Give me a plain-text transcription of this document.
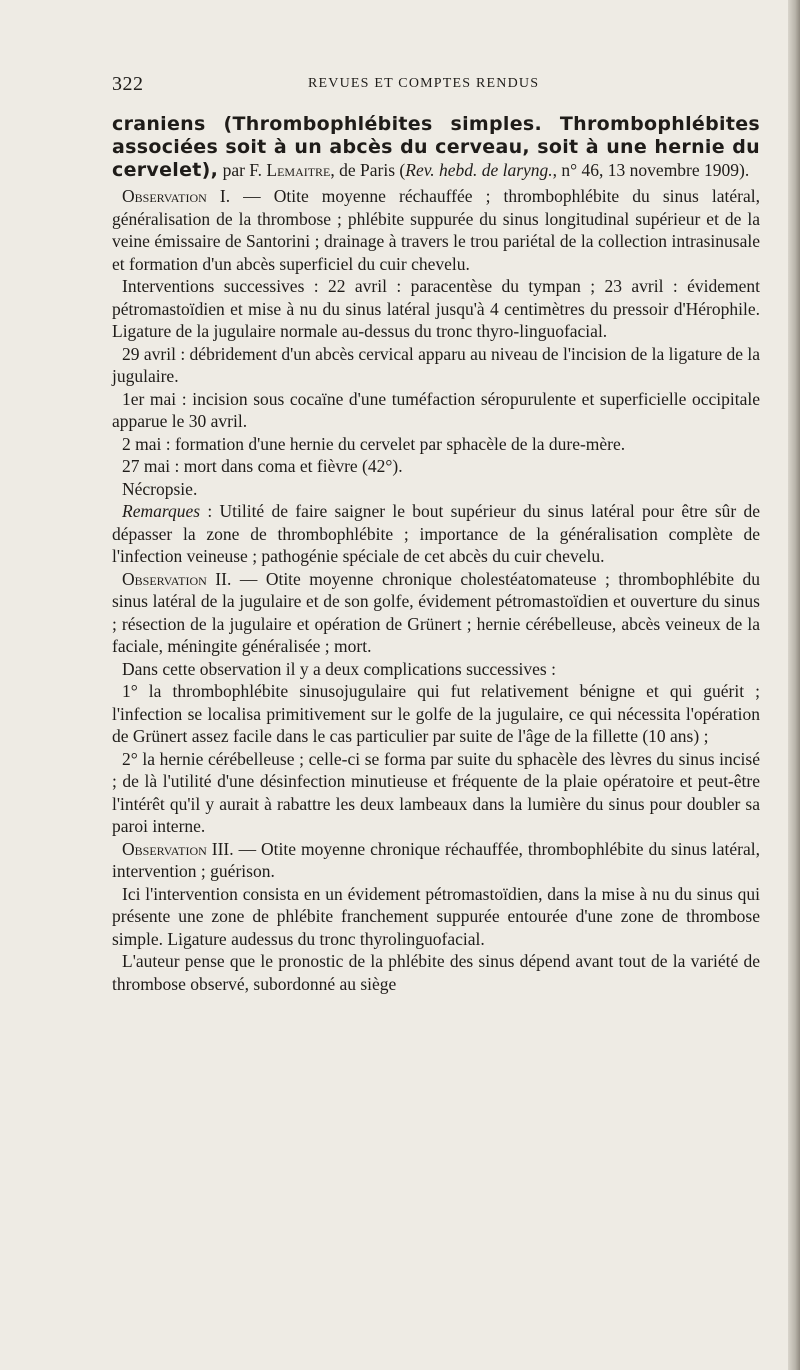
322	REVUES ET COMPTES RENDUS

craniens (Thrombophlébites simples. Thrombophlébites associées soit à un abcès du cerveau, soit à une hernie du cervelet), par F. Lemaitre, de Paris (Rev. hebd. de laryng., n° 46, 13 novembre 1909).

Observation I. — Otite moyenne réchauffée ; thrombophlébite du sinus latéral, généralisation de la thrombose ; phlébite suppurée du sinus longitudinal supérieur et de la veine émissaire de Santorini ; drainage à travers le trou pariétal de la collection intrasinusale et formation d'un abcès superficiel du cuir chevelu.

Interventions successives : 22 avril : paracentèse du tympan ; 23 avril : évidement pétromastoïdien et mise à nu du sinus latéral jusqu'à 4 centimètres du pressoir d'Hérophile. Ligature de la jugulaire normale au-dessus du tronc thyro-linguofacial.

29 avril : débridement d'un abcès cervical apparu au niveau de l'incision de la ligature de la jugulaire.

1er mai : incision sous cocaïne d'une tuméfaction séropurulente et superficielle occipitale apparue le 30 avril.

2 mai : formation d'une hernie du cervelet par sphacèle de la dure-mère.

27 mai : mort dans coma et fièvre (42°).

Nécropsie.

Remarques : Utilité de faire saigner le bout supérieur du sinus latéral pour être sûr de dépasser la zone de thrombophlébite ; importance de la généralisation complète de l'infection veineuse ; pathogénie spéciale de cet abcès du cuir chevelu.

Observation II. — Otite moyenne chronique cholestéatomateuse ; thrombophlébite du sinus latéral de la jugulaire et de son golfe, évidement pétromastoïdien et ouverture du sinus ; résection de la jugulaire et opération de Grünert ; hernie cérébelleuse, abcès veineux de la faciale, méningite généralisée ; mort.

Dans cette observation il y a deux complications successives :

1° la thrombophlébite sinusojugulaire qui fut relativement bénigne et qui guérit ; l'infection se localisa primitivement sur le golfe de la jugulaire, ce qui nécessita l'opération de Grünert assez facile dans le cas particulier par suite de l'âge de la fillette (10 ans) ;

2° la hernie cérébelleuse ; celle-ci se forma par suite du sphacèle des lèvres du sinus incisé ; de là l'utilité d'une désinfection minutieuse et fréquente de la plaie opératoire et peut-être l'intérêt qu'il y aurait à rabattre les deux lambeaux dans la lumière du sinus pour doubler sa paroi interne.

Observation III. — Otite moyenne chronique réchauffée, thrombophlébite du sinus latéral, intervention ; guérison.

Ici l'intervention consista en un évidement pétromastoïdien, dans la mise à nu du sinus qui présente une zone de phlébite franchement suppurée entourée d'une zone de thrombose simple. Ligature audessus du tronc thyrolinguofacial.

L'auteur pense que le pronostic de la phlébite des sinus dépend avant tout de la variété de thrombose observé, subordonné au siège
